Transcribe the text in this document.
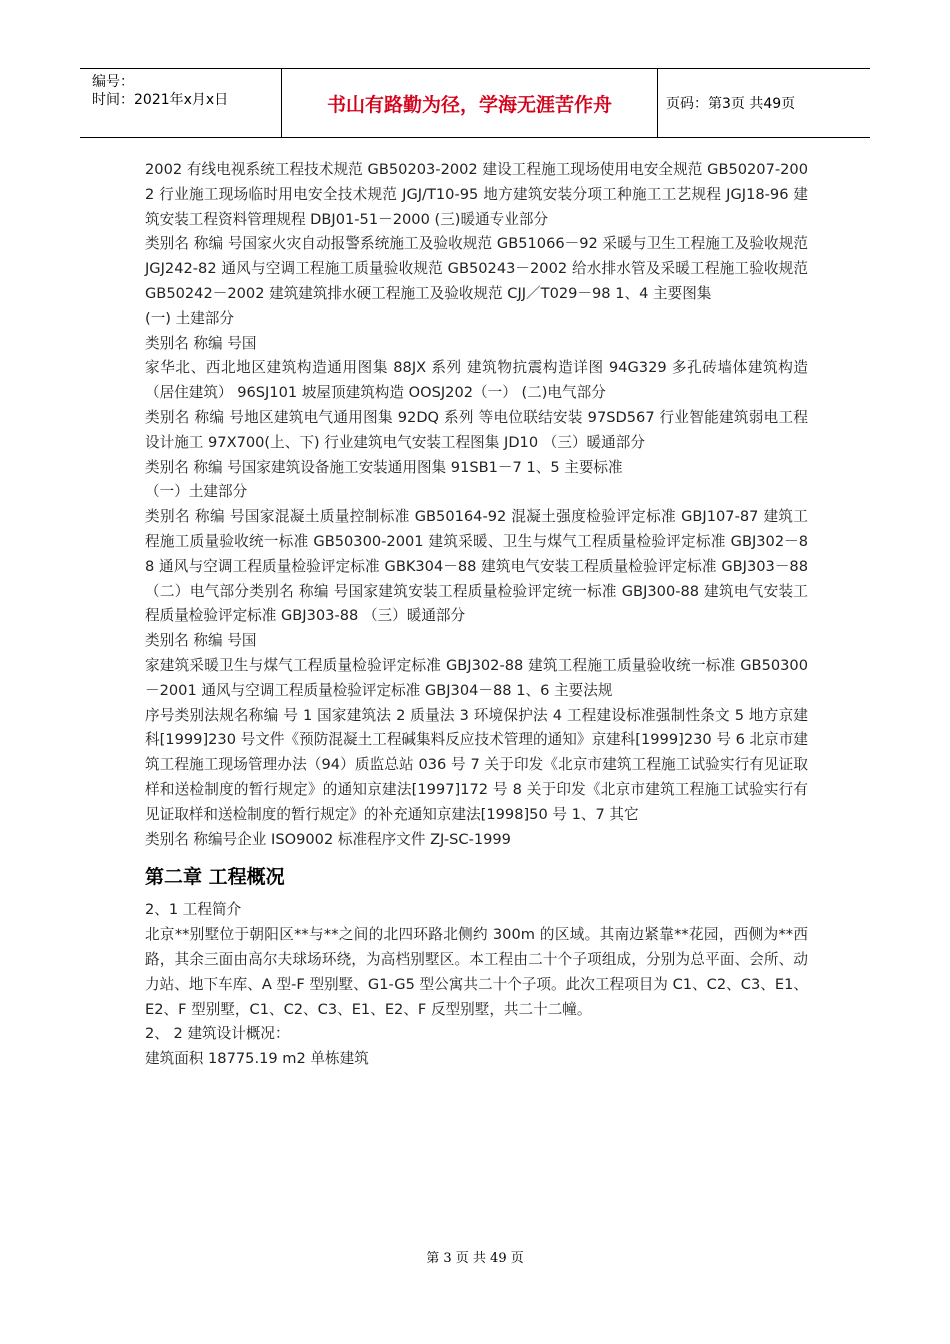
编号：
时间：2021年x月x日	书山有路勤为径，学海无涯苦作舟	页码：第3页 共49页

2002 有线电视系统工程技术规范 GB50203-2002 建设工程施工现场使用电安全规范 GB50207-2002 行业施工现场临时用电安全技术规范 JGJ/T10-95 地方建筑安装分项工种施工工艺规程 JGJ18-96 建筑安装工程资料管理规程 DBJ01-51－2000 (三)暖通专业部分

类别名 称编 号国家火灾自动报警系统施工及验收规范 GB51066－92 采暖与卫生工程施工及验收规范 JGJ242-82 通风与空调工程施工质量验收规范 GB50243－2002 给水排水管及采暖工程施工验收规范 GB50242－2002 建筑建筑排水硬工程施工及验收规范 CJJ／T029－98 1、4 主要图集

(一) 土建部分

类别名 称编 号国

家华北、西北地区建筑构造通用图集 88JX 系列 建筑物抗震构造详图 94G329 多孔砖墙体建筑构造（居住建筑） 96SJ101 坡屋顶建筑构造 OOSJ202（一） (二)电气部分

类别名 称编 号地区建筑电气通用图集 92DQ 系列 等电位联结安装 97SD567 行业智能建筑弱电工程设计施工 97X700(上、下) 行业建筑电气安装工程图集 JD10 （三）暖通部分

类别名 称编 号国家建筑设备施工安装通用图集 91SB1－7 1、5 主要标准

（一）土建部分

类别名 称编 号国家混凝土质量控制标准 GB50164-92 混凝土强度检验评定标准 GBJ107-87 建筑工程施工质量验收统一标准 GB50300-2001 建筑采暖、卫生与煤气工程质量检验评定标准 GBJ302－88 通风与空调工程质量检验评定标准 GBK304－88 建筑电气安装工程质量检验评定标准 GBJ303－88 （二）电气部分类别名 称编 号国家建筑安装工程质量检验评定统一标准 GBJ300-88 建筑电气安装工程质量检验评定标准 GBJ303-88 （三）暖通部分

类别名 称编 号国

家建筑采暖卫生与煤气工程质量检验评定标准 GBJ302-88 建筑工程施工质量验收统一标准 GB50300－2001 通风与空调工程质量检验评定标准 GBJ304－88 1、6 主要法规

序号类别法规名称编 号 1 国家建筑法 2 质量法 3 环境保护法 4 工程建设标准强制性条文 5 地方京建科[1999]230 号文件《预防混凝土工程碱集料反应技术管理的通知》京建科[1999]230 号 6 北京市建筑工程施工现场管理办法（94）质监总站 036 号 7 关于印发《北京市建筑工程施工试验实行有见证取样和送检制度的暂行规定》的通知京建法[1997]172 号 8 关于印发《北京市建筑工程施工试验实行有见证取样和送检制度的暂行规定》的补充通知京建法[1998]50 号 1、7 其它

类别名 称编号企业 ISO9002 标准程序文件 ZJ-SC-1999

第二章 工程概况

2、1 工程简介

北京**别墅位于朝阳区**与**之间的北四环路北侧约 300m 的区域。其南边紧靠**花园，西侧为**西路，其余三面由高尔夫球场环绕，为高档别墅区。本工程由二十个子项组成，分别为总平面、会所、动力站、地下车库、A 型-F 型别墅、G1-G5 型公寓共二十个子项。此次工程项目为 C1、C2、C3、E1、E2、F 型别墅，C1、C2、C3、E1、E2、F 反型别墅，共二十二幢。

2、 2 建筑设计概况：

建筑面积 18775.19 m2 单栋建筑

第 3 页 共 49 页
